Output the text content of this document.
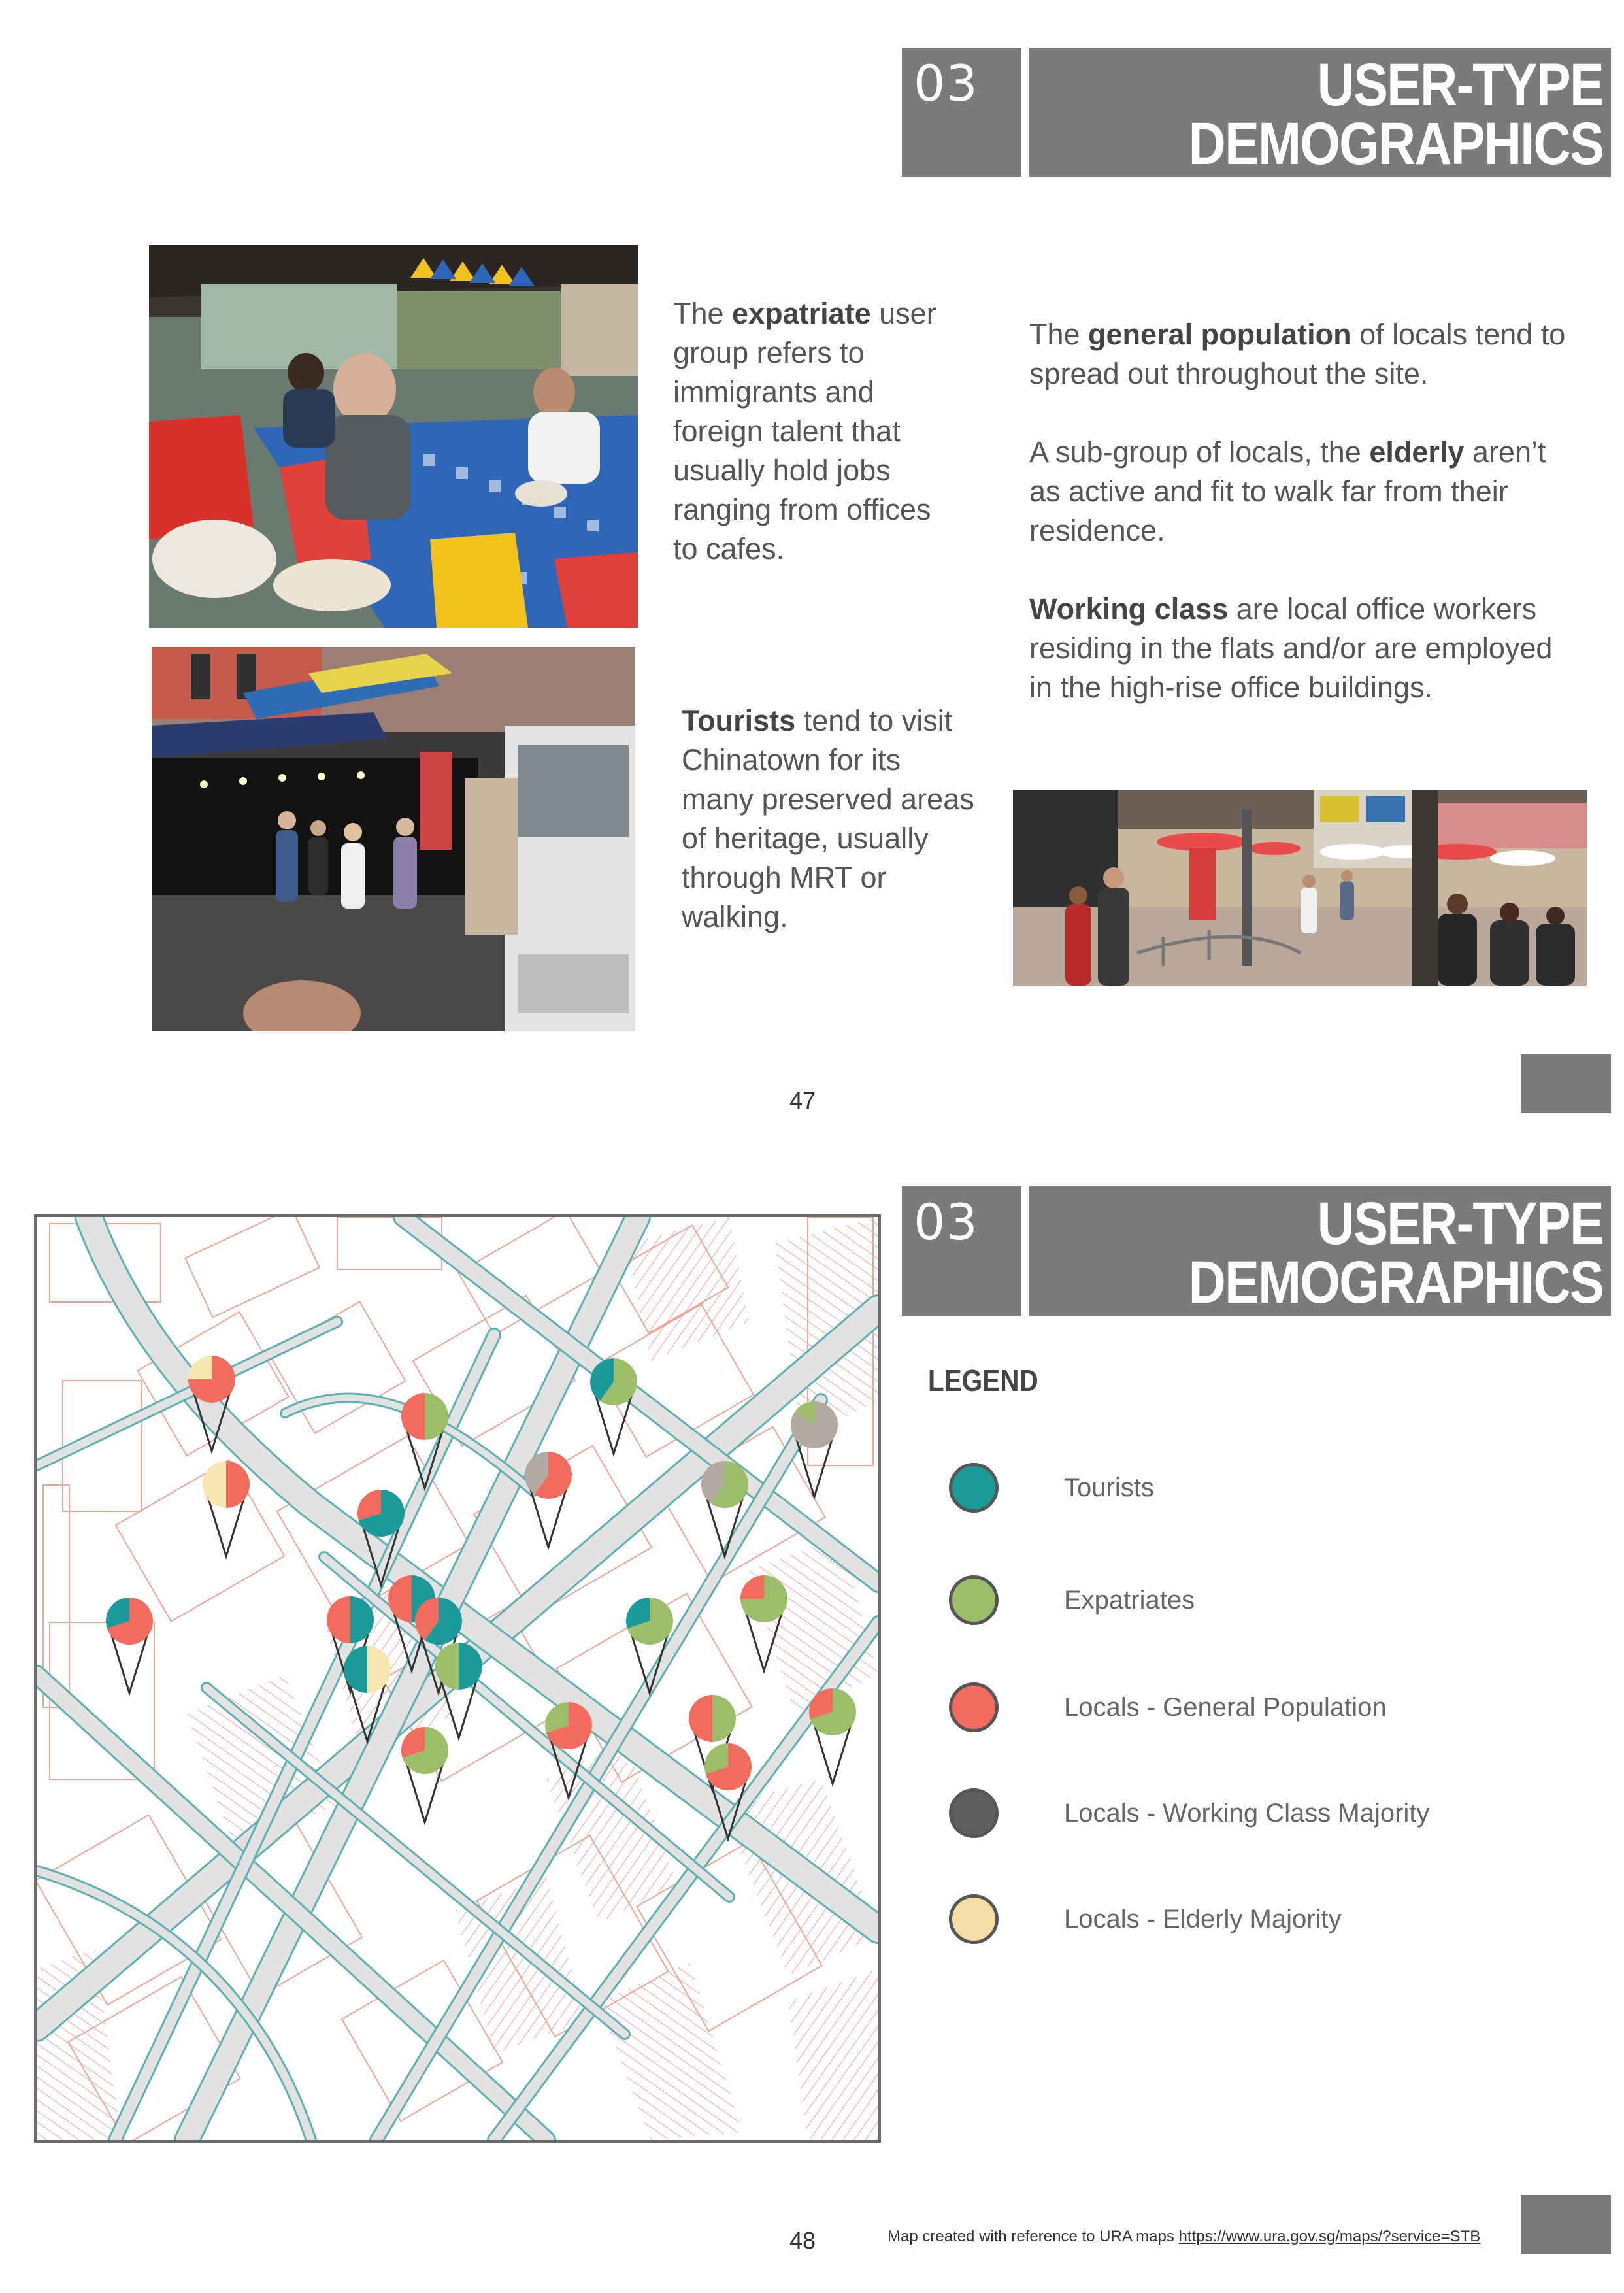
03	USER-TYPE
DEMOGRAPHICS
The expatriate user group refers to immigrants and foreign talent that usually hold jobs ranging from offices to cafes.
Tourists tend to visit Chinatown for its many preserved areas of heritage, usually through MRT or walking.
The general population of locals tend to spread out throughout the site.
A sub-group of locals, the elderly aren’t as active and fit to walk far from their residence.
Working class are local office workers residing in the flats and/or are employed in the high-rise office buildings.
47
03	USER-TYPE
DEMOGRAPHICS
LEGEND
Tourists
Expatriates
Locals - General Population
Locals - Working Class Majority
Locals - Elderly Majority
48	Map created with reference to URA maps https://www.ura.gov.sg/maps/?service=STB
